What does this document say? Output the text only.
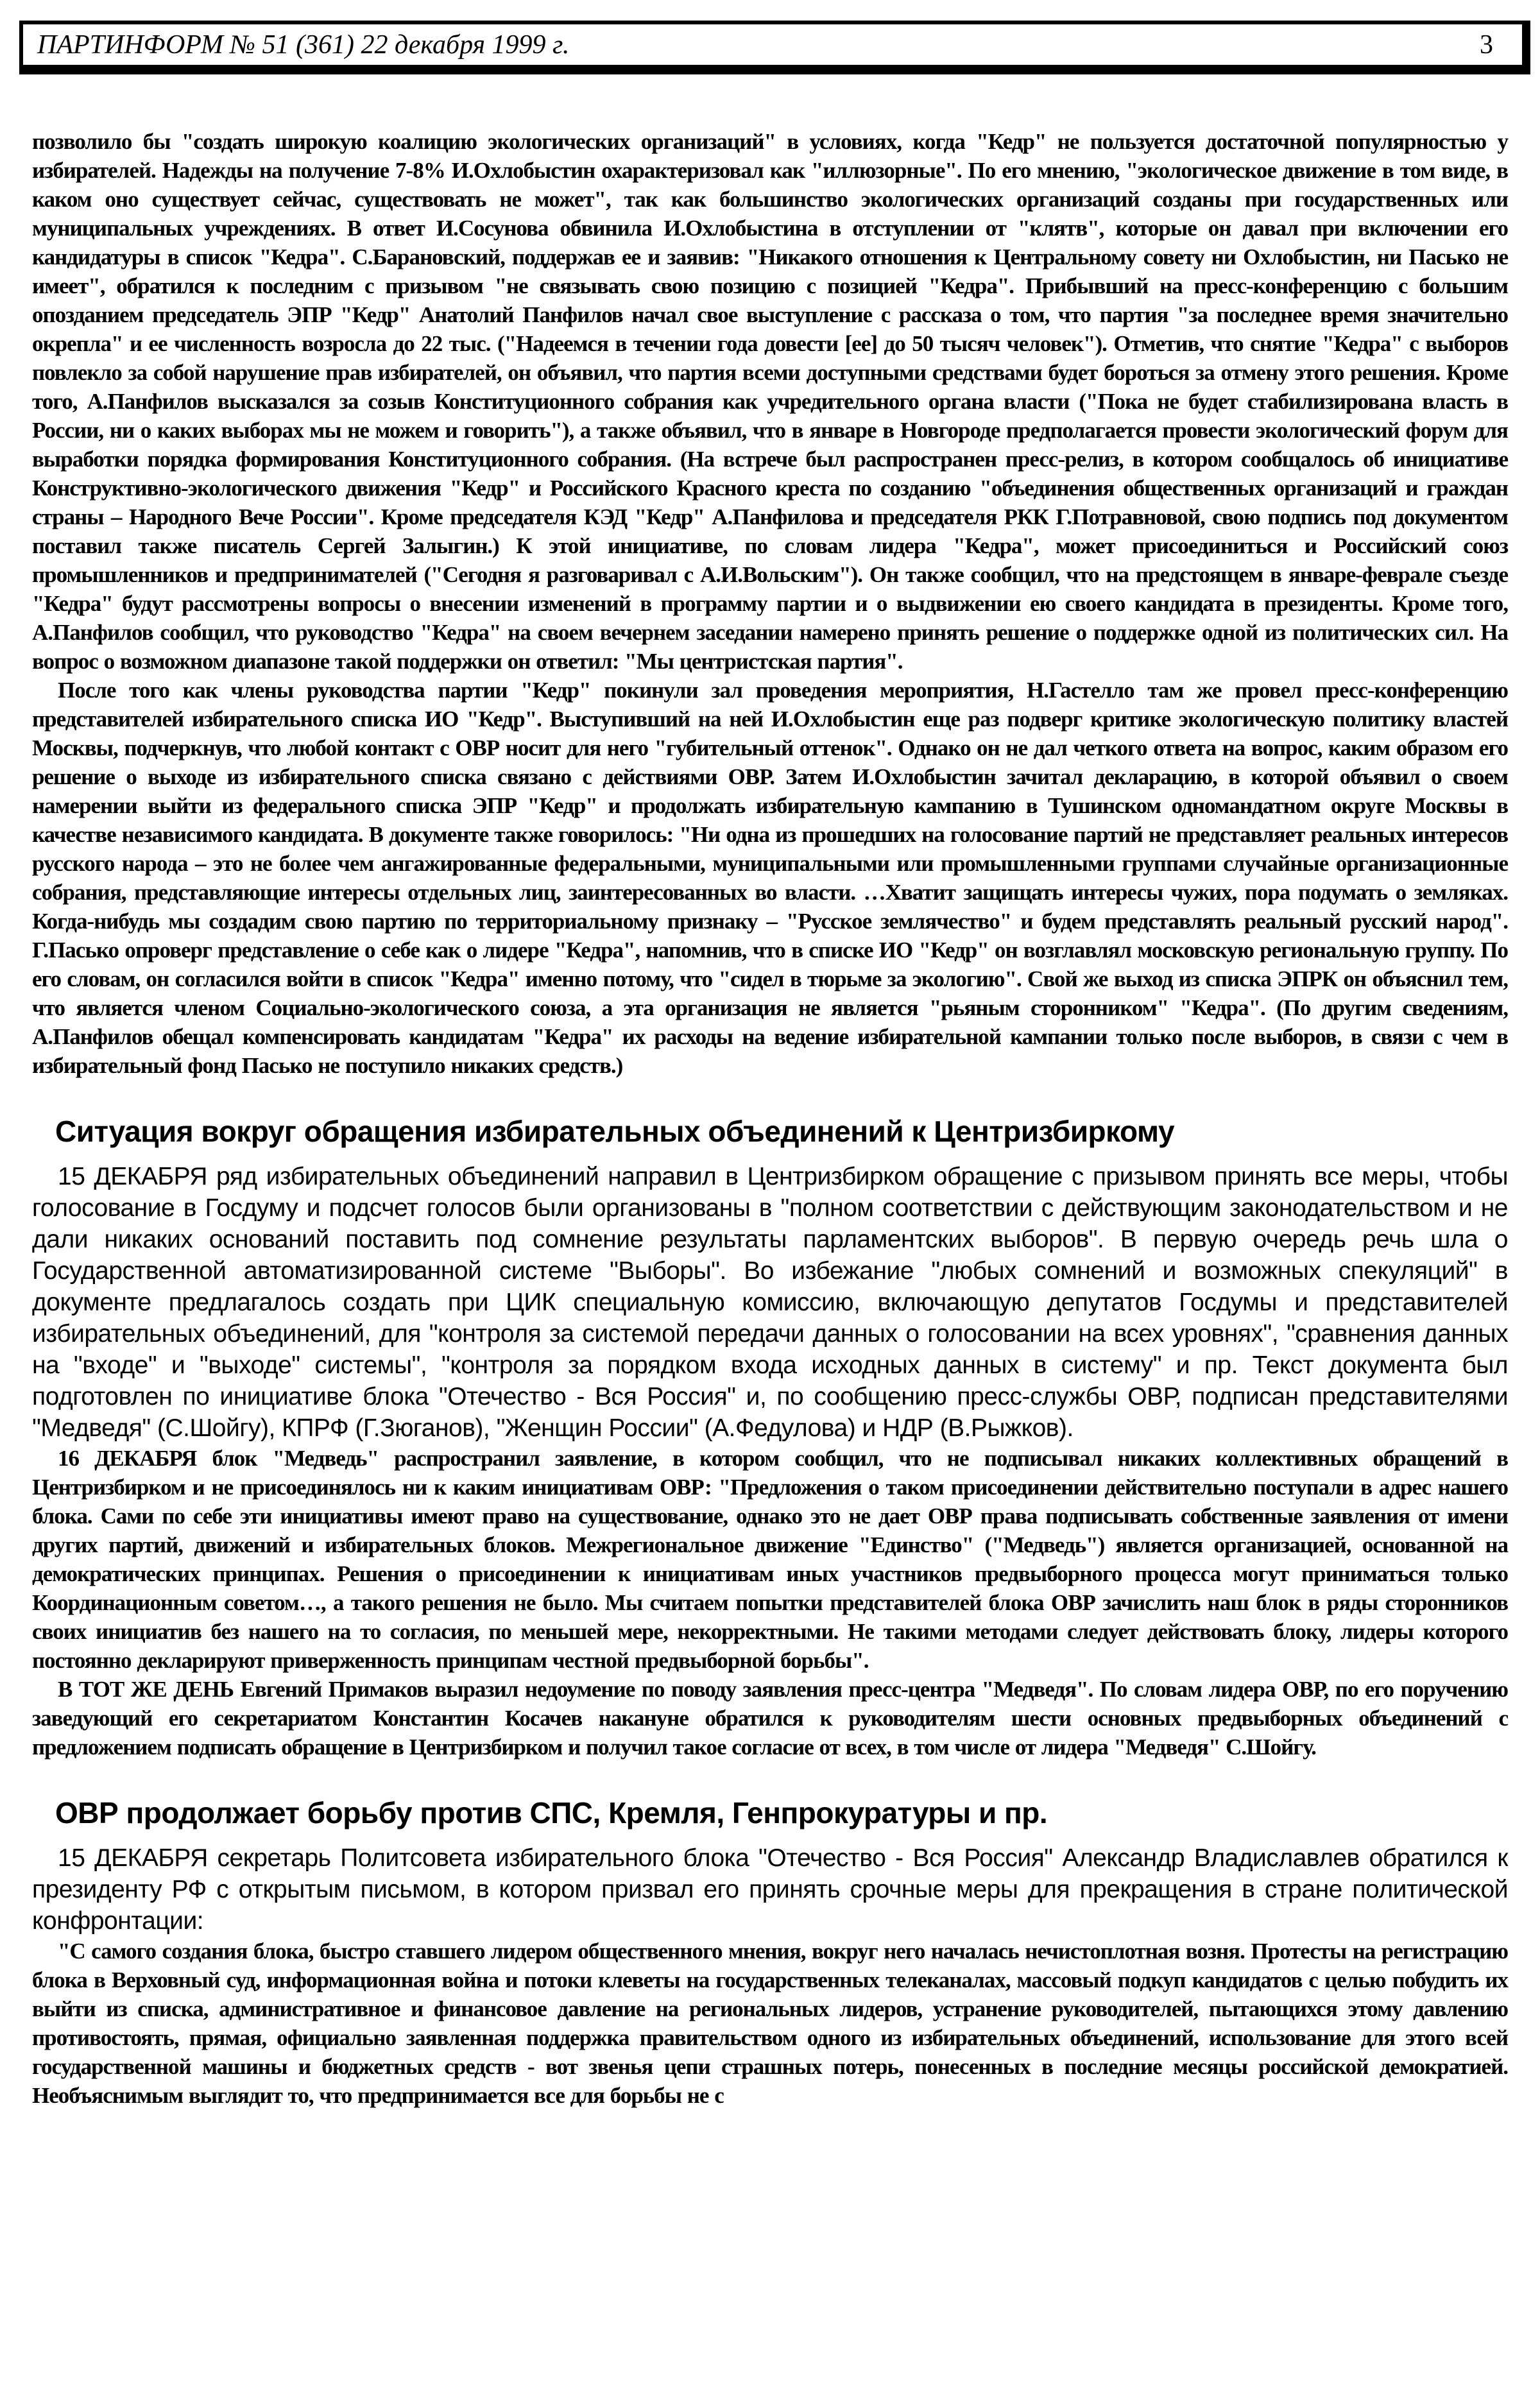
ПАРТИНФОРМ № 51 (361) 22 декабря 1999 г.	3

позволило бы "создать широкую коалицию экологических организаций" в условиях, когда "Кедр" не пользуется достаточной популярностью у избирателей. Надежды на получение 7-8% И.Охлобыстин охарактеризовал как "иллюзорные". По его мнению, "экологическое движение в том виде, в каком оно существует сейчас, существовать не может", так как большинство экологических организаций созданы при государственных или муниципальных учреждениях. В ответ И.Сосунова обвинила И.Охлобыстина в отступлении от "клятв", которые он давал при включении его кандидатуры в список "Кедра". С.Барановский, поддержав ее и заявив: "Никакого отношения к Центральному совету ни Охлобыстин, ни Пасько не имеет", обратился к последним с призывом "не связывать свою позицию с позицией "Кедра". Прибывший на пресс-конференцию с большим опозданием председатель ЭПР "Кедр" Анатолий Панфилов начал свое выступление с рассказа о том, что партия "за последнее время значительно окрепла" и ее численность возросла до 22 тыс. ("Надеемся в течении года довести [ее] до 50 тысяч человек"). Отметив, что снятие "Кедра" с выборов повлекло за собой нарушение прав избирателей, он объявил, что партия всеми доступными средствами будет бороться за отмену этого решения. Кроме того, А.Панфилов высказался за созыв Конституционного собрания как учредительного органа власти ("Пока не будет стабилизирована власть в России, ни о каких выборах мы не можем и говорить"), а также объявил, что в январе в Новгороде предполагается провести экологический форум для выработки порядка формирования Конституционного собрания. (На встрече был распространен пресс-релиз, в котором сообщалось об инициативе Конструктивно-экологического движения "Кедр" и Российского Красного креста по созданию "объединения общественных организаций и граждан страны – Народного Вече России". Кроме председателя КЭД "Кедр" А.Панфилова и председателя РКК Г.Потравновой, свою подпись под документом поставил также писатель Сергей Залыгин.) К этой инициативе, по словам лидера "Кедра", может присоединиться и Российский союз промышленников и предпринимателей ("Сегодня я разговаривал с А.И.Вольским"). Он также сообщил, что на предстоящем в январе-феврале съезде "Кедра" будут рассмотрены вопросы о внесении изменений в программу партии и о выдвижении ею своего кандидата в президенты. Кроме того, А.Панфилов сообщил, что руководство "Кедра" на своем вечернем заседании намерено принять решение о поддержке одной из политических сил. На вопрос о возможном диапазоне такой поддержки он ответил: "Мы центристская партия".

После того как члены руководства партии "Кедр" покинули зал проведения мероприятия, Н.Гастелло там же провел пресс-конференцию представителей избирательного списка ИО "Кедр". Выступивший на ней И.Охлобыстин еще раз подверг критике экологическую политику властей Москвы, подчеркнув, что любой контакт с ОВР носит для него "губительный оттенок". Однако он не дал четкого ответа на вопрос, каким образом его решение о выходе из избирательного списка связано с действиями ОВР. Затем И.Охлобыстин зачитал декларацию, в которой объявил о своем намерении выйти из федерального списка ЭПР "Кедр" и продолжать избирательную кампанию в Тушинском одномандатном округе Москвы в качестве независимого кандидата. В документе также говорилось: "Ни одна из прошедших на голосование партий не представляет реальных интересов русского народа – это не более чем ангажированные федеральными, муниципальными или промышленными группами случайные организационные собрания, представляющие интересы отдельных лиц, заинтересованных во власти. …Хватит защищать интересы чужих, пора подумать о земляках. Когда-нибудь мы создадим свою партию по территориальному признаку – "Русское землячество" и будем представлять реальный русский народ". Г.Пасько опроверг представление о себе как о лидере "Кедра", напомнив, что в списке ИО "Кедр" он возглавлял московскую региональную группу. По его словам, он согласился войти в список "Кедра" именно потому, что "сидел в тюрьме за экологию". Свой же выход из списка ЭПРК он объяснил тем, что является членом Социально-экологического союза, а эта организация не является "рьяным сторонником" "Кедра". (По другим сведениям, А.Панфилов обещал компенсировать кандидатам "Кедра" их расходы на ведение избирательной кампании только после выборов, в связи с чем в избирательный фонд Пасько не поступило никаких средств.)

Ситуация вокруг обращения избирательных объединений к Центризбиркому

15 ДЕКАБРЯ ряд избирательных объединений направил в Центризбирком обращение с призывом принять все меры, чтобы голосование в Госдуму и подсчет голосов были организованы в "полном соответствии с действующим законодательством и не дали никаких оснований поставить под сомнение результаты парламентских выборов". В первую очередь речь шла о Государственной автоматизированной системе "Выборы". Во избежание "любых сомнений и возможных спекуляций" в документе предлагалось создать при ЦИК специальную комиссию, включающую депутатов Госдумы и представителей избирательных объединений, для "контроля за системой передачи данных о голосовании на всех уровнях", "сравнения данных на "входе" и "выходе" системы", "контроля за порядком входа исходных данных в систему" и пр. Текст документа был подготовлен по инициативе блока "Отечество - Вся Россия" и, по сообщению пресс-службы ОВР, подписан представителями "Медведя" (С.Шойгу), КПРФ (Г.Зюганов), "Женщин России" (А.Федулова) и НДР (В.Рыжков).

16 ДЕКАБРЯ блок "Медведь" распространил заявление, в котором сообщил, что не подписывал никаких коллективных обращений в Центризбирком и не присоединялось ни к каким инициативам ОВР: "Предложения о таком присоединении действительно поступали в адрес нашего блока. Сами по себе эти инициативы имеют право на существование, однако это не дает ОВР права подписывать собственные заявления от имени других партий, движений и избирательных блоков. Межрегиональное движение "Единство" ("Медведь") является организацией, основанной на демократических принципах. Решения о присоединении к инициативам иных участников предвыборного процесса могут приниматься только Координационным советом…, а такого решения не было. Мы считаем попытки представителей блока ОВР зачислить наш блок в ряды сторонников своих инициатив без нашего на то согласия, по меньшей мере, некорректными. Не такими методами следует действовать блоку, лидеры которого постоянно декларируют приверженность принципам честной предвыборной борьбы".

В ТОТ ЖЕ ДЕНЬ Евгений Примаков выразил недоумение по поводу заявления пресс-центра "Медведя". По словам лидера ОВР, по его поручению заведующий его секретариатом Константин Косачев накануне обратился к руководителям шести основных предвыборных объединений с предложением подписать обращение в Центризбирком и получил такое согласие от всех, в том числе от лидера "Медведя" С.Шойгу.

ОВР продолжает борьбу против СПС, Кремля, Генпрокуратуры и пр.

15 ДЕКАБРЯ секретарь Политсовета избирательного блока "Отечество - Вся Россия" Александр Владиславлев обратился к президенту РФ с открытым письмом, в котором призвал его принять срочные меры для прекращения в стране политической конфронтации:

"С самого создания блока, быстро ставшего лидером общественного мнения, вокруг него началась нечистоплотная возня. Протесты на регистрацию блока в Верховный суд, информационная война и потоки клеветы на государственных телеканалах, массовый подкуп кандидатов с целью побудить их выйти из списка, административное и финансовое давление на региональных лидеров, устранение руководителей, пытающихся этому давлению противостоять, прямая, официально заявленная поддержка правительством одного из избирательных объединений, использование для этого всей государственной машины и бюджетных средств - вот звенья цепи страшных потерь, понесенных в последние месяцы российской демократией. Необъяснимым выглядит то, что предпринимается все для борьбы не с
